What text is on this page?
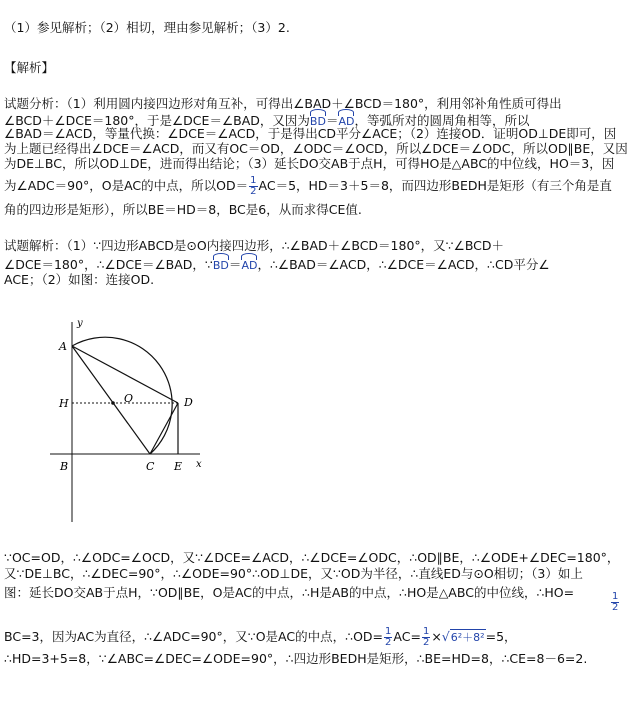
（1）参见解析；（2）相切，理由参见解析；（3）2.
【解析】
试题分析：（1）利用圆内接四边形对角互补，可得出∠BAD＋∠BCD＝180°，利用邻补角性质可得出
∠BCD＋∠DCE＝180°，于是∠DCE＝∠BAD，又因为BD＝AD，等弧所对的圆周角相等，所以
∠BAD＝∠ACD，等量代换：∠DCE＝∠ACD，于是得出CD平分∠ACE；（2）连接OD．证明OD⊥DE即可，因
为上题已经得出∠DCE＝∠ACD，而又有OC＝OD，∠ODC＝∠OCD，所以∠DCE＝∠ODC，所以OD∥BE，又因
为DE⊥BC，所以OD⊥DE，进而得出结论；（3）延长DO交AB于点H，可得HO是△ABC的中位线，HO＝3，因
为∠ADC＝90°，O是AC的中点，所以$OD= \frac{1}{2} AC=5$，HD＝3＋5＝8，而四边形BEDH是矩形（有三个角是直
角的四边形是矩形），所以BE＝HD＝8，BC是6，从而求得CE值.
试题解析：（1）∵四边形ABCD是⊙O内接四边形，∴∠BAD＋∠BCD＝180°，又∵∠BCD＋
∠DCE＝180°，∴∠DCE＝∠BAD，∵BD＝AD，∴∠BAD＝∠ACD，∴∠DCE＝∠ACD，∴CD平分∠
ACE；（2）如图：连接OD.
y
x
A
H	O	D
B	C E
∵OC=OD，∴∠ODC=∠OCD，又∵∠DCE=∠ACD，∴∠DCE=∠ODC，∴OD∥BE，∴∠ODE+∠DEC=180°，
又∵DE⊥BC，∴∠DEC=90°，∴∠ODE=90°∴OD⊥DE，又∵OD为半径，∴直线ED与⊙O相切；（3）如上
图：延长DO交AB于点H，∵OD∥BE，O是AC的中点，∴H是AB的中点，∴HO是△ABC的中位线，∴HO=	$\frac{1}{2}$
BC=3，因为AC为直径，∴∠ADC=90°，又∵O是AC的中点，∴OD= $\frac{1}{2} AC= \frac{1}{2} \times√6^2+8^2=5$，
∴HD=3+5=8，∵∠ABC=∠DEC=∠ODE=90°，∴四边形BEDH是矩形，∴BE=HD=8，∴CE=8－6=2.
